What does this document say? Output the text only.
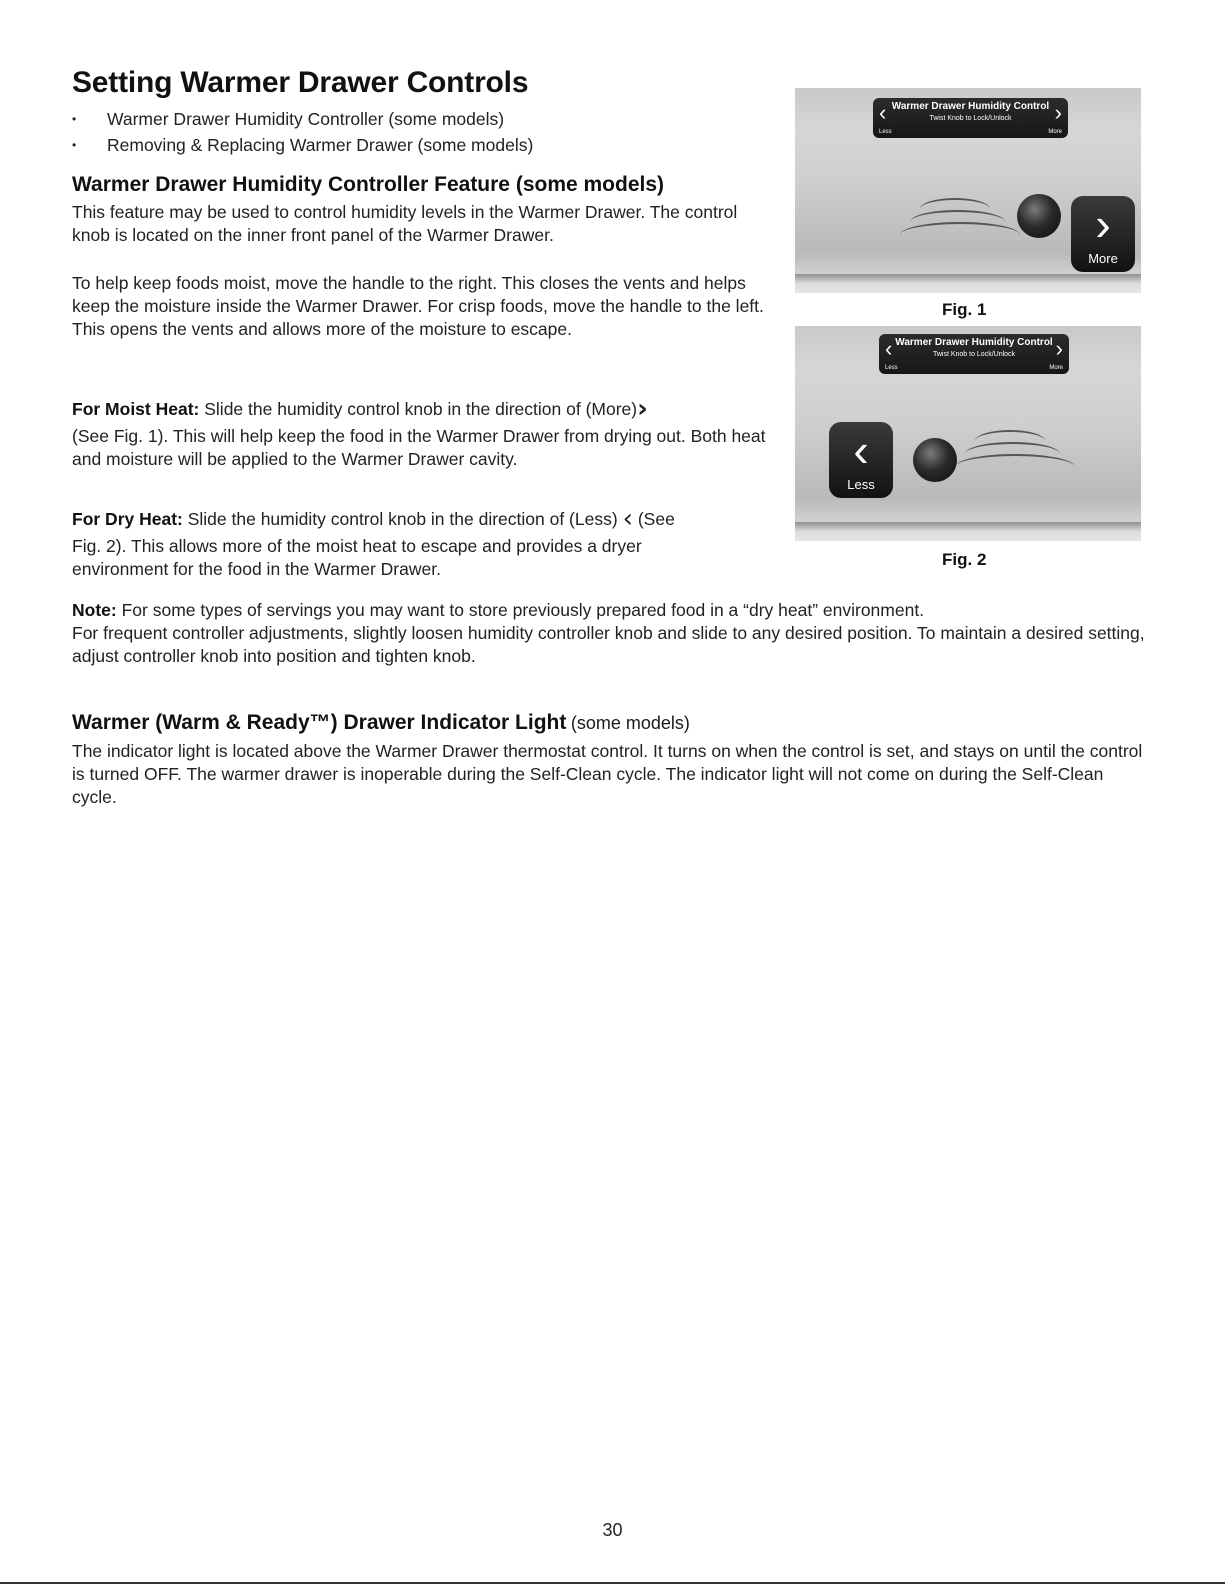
Setting Warmer Drawer Controls
• Warmer Drawer Humidity Controller (some models)
• Removing & Replacing Warmer Drawer (some models)
Warmer Drawer Humidity Controller Feature (some models)

This feature may be used to control humidity levels in the Warmer Drawer. The control knob is located on the inner front panel of the Warmer Drawer.

To help keep foods moist, move the handle to the right. This closes the vents and helps keep the moisture inside the Warmer Drawer. For crisp foods, move the handle to the left. This opens the vents and allows more of the moisture to escape.

For Moist Heat: Slide the humidity control knob in the direction of (More)›
(See Fig. 1). This will help keep the food in the Warmer Drawer from drying out. Both heat and moisture will be applied to the Warmer Drawer cavity.
For Dry Heat: Slide the humidity control knob in the direction of (Less) ‹ (See
Fig. 2). This allows more of the moist heat to escape and provides a dryer environment for the food in the Warmer Drawer.
Note: For some types of servings you may want to store previously prepared food in a “dry heat” environment.
For frequent controller adjustments, slightly loosen humidity controller knob and slide to any desired position. To maintain a desired setting, adjust controller knob into position and tighten knob.
Warmer (Warm & Ready™) Drawer Indicator Light (some models)

The indicator light is located above the Warmer Drawer thermostat control. It turns on when the control is set, and stays on until the control is turned OFF. The warmer drawer is inoperable during the Self-Clean cycle. The indicator light will not come on during the Self-Clean cycle.

‹ Warmer Drawer Humidity Control
Twist Knob to Lock/Unlock	›
Less	More
›
More
Fig. 1
‹ Warmer Drawer Humidity Control
Twist Knob to Lock/Unlock	›
Less	More
‹
Less
Fig. 2
30
